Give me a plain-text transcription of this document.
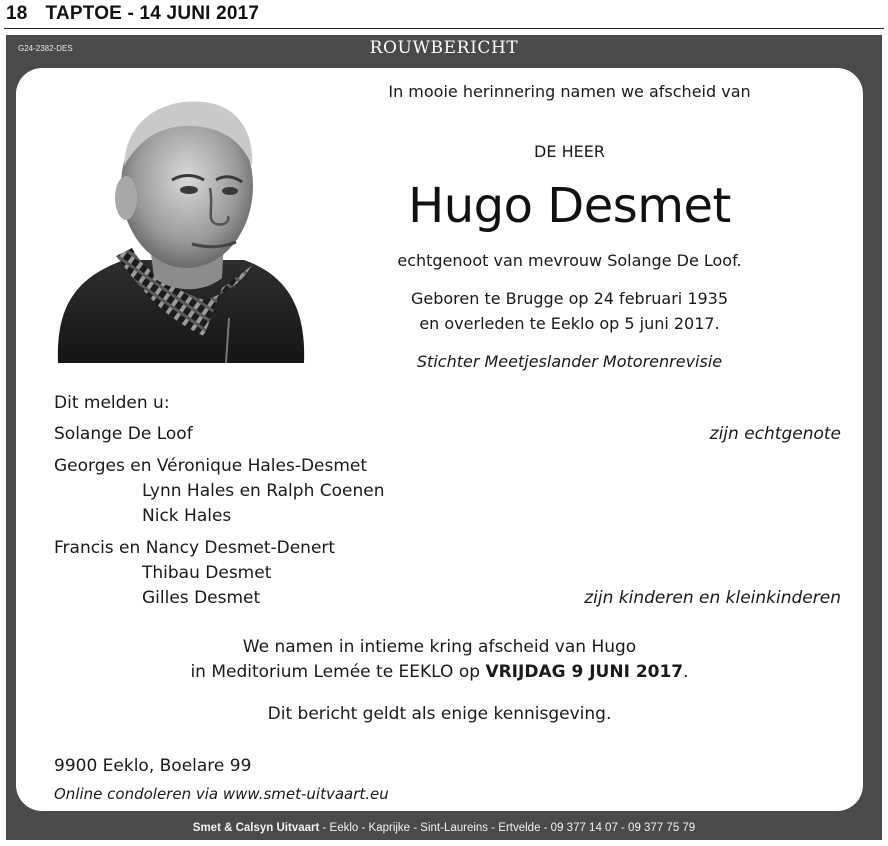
18 TAPTOE - 14 JUNI 2017
G24-2382-DES	ROUWBERICHT
In mooie herinnering namen we afscheid van
DE HEER
Hugo Desmet
echtgenoot van mevrouw Solange De Loof.
Geboren te Brugge op 24 februari 1935
en overleden te Eeklo op 5 juni 2017.
Stichter Meetjeslander Motorenrevisie
Dit melden u:
Solange De Loof	zijn echtgenote
Georges en Véronique Hales-Desmet
Lynn Hales en Ralph Coenen
Nick Hales
Francis en Nancy Desmet-Denert
Thibau Desmet
Gilles Desmet	zijn kinderen en kleinkinderen
We namen in intieme kring afscheid van Hugo
in Meditorium Lemée te EEKLO op VRIJDAG 9 JUNI 2017.
Dit bericht geldt als enige kennisgeving.
9900 Eeklo, Boelare 99
Online condoleren via www.smet-uitvaart.eu
Smet & Calsyn Uitvaart - Eeklo - Kaprijke - Sint-Laureins - Ertvelde - 09 377 14 07 - 09 377 75 79
